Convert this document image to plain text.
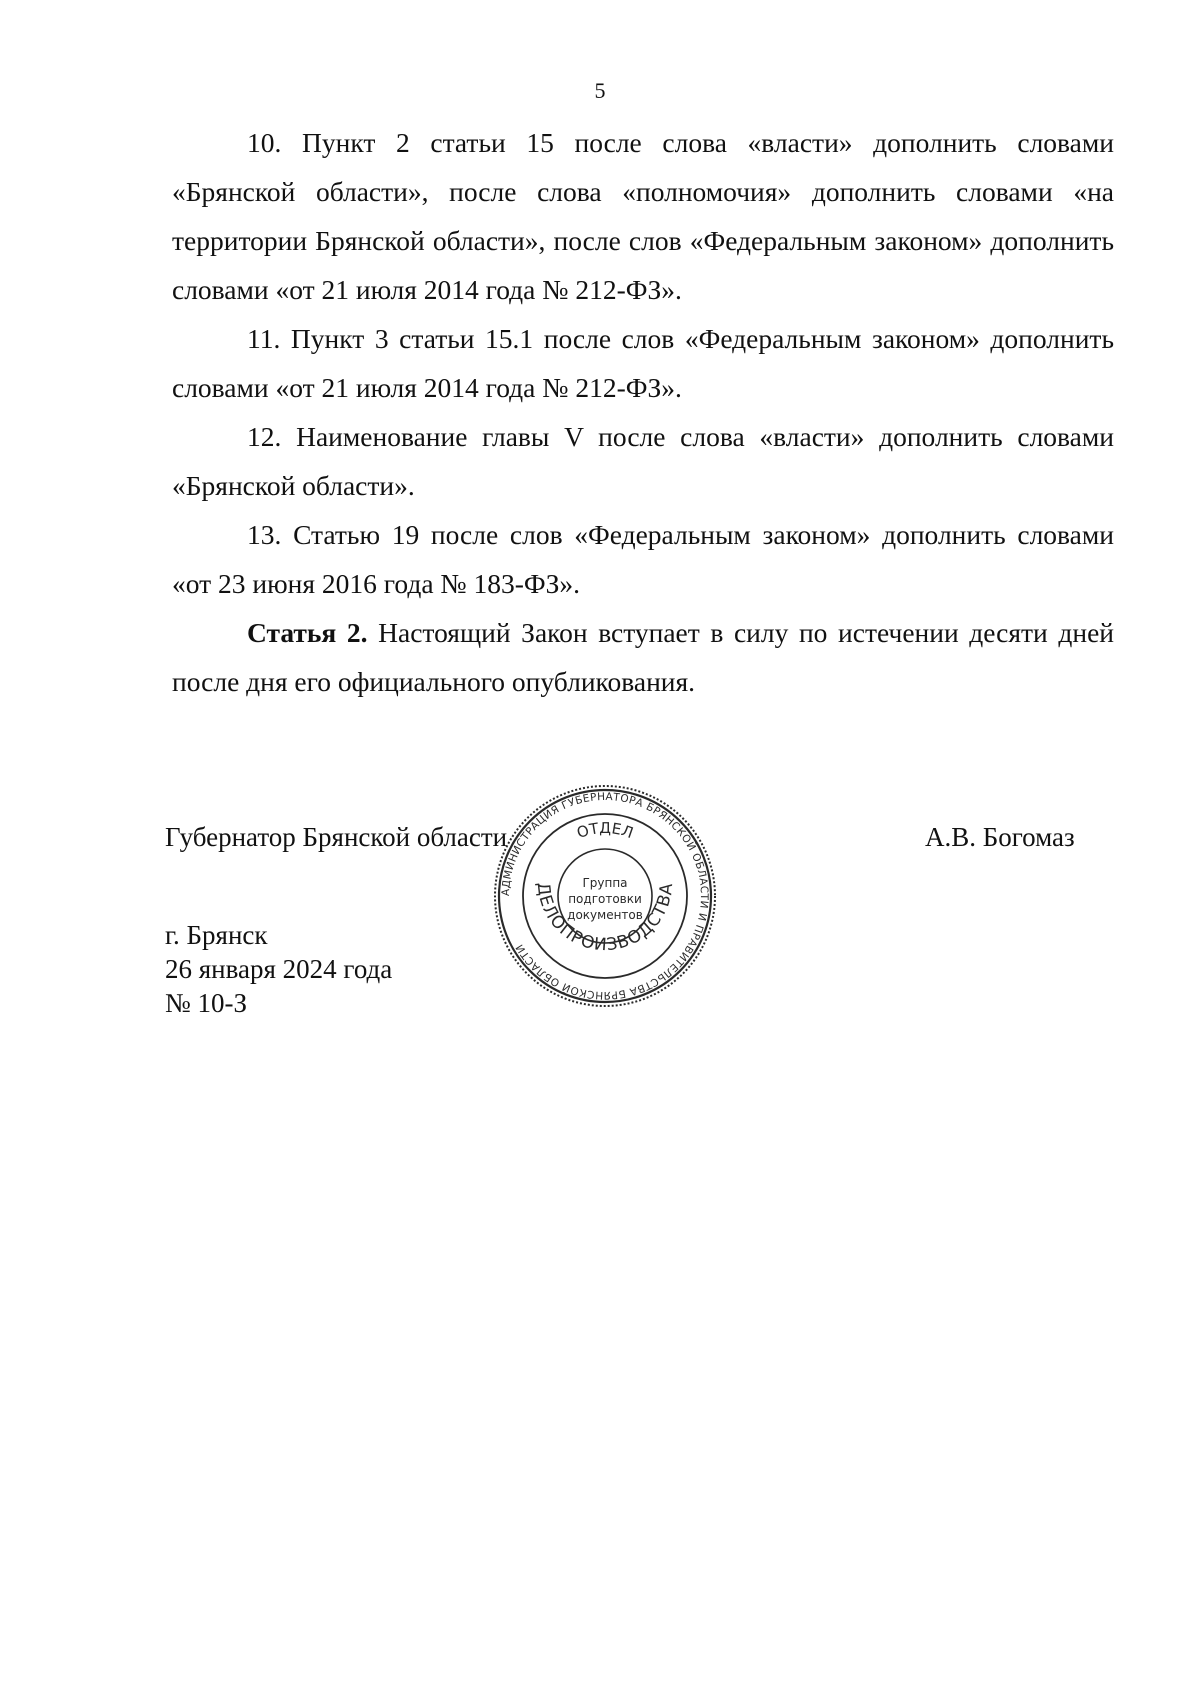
5

10. Пункт 2 статьи 15 после слова «власти» дополнить словами «Брянской области», после слова «полномочия» дополнить словами «на территории Брянской области», после слов «Федеральным законом» дополнить словами «от 21 июля 2014 года № 212-ФЗ».

11. Пункт 3 статьи 15.1 после слов «Федеральным законом» дополнить словами «от 21 июля 2014 года № 212-ФЗ».

12. Наименование главы V после слова «власти» дополнить словами «Брянской области».

13. Статью 19 после слов «Федеральным законом» дополнить словами «от 23 июня 2016 года № 183-ФЗ».

Статья 2. Настоящий Закон вступает в силу по истечении десяти дней после дня его официального опубликования.

Губернатор Брянской области	А.В. Богомаз
г. Брянск
26 января 2024 года
№ 10-З
АДМИНИСТРАЦИЯ ГУБЕРНАТОРА БРЯНСКОЙ ОБЛАСТИ И ПРАВИТЕЛЬСТВА БРЯНСКОЙ ОБЛАСТИ
ОТДЕЛ
ДЕЛОПРОИЗВОДСТВА
Группа
подготовки
документов
